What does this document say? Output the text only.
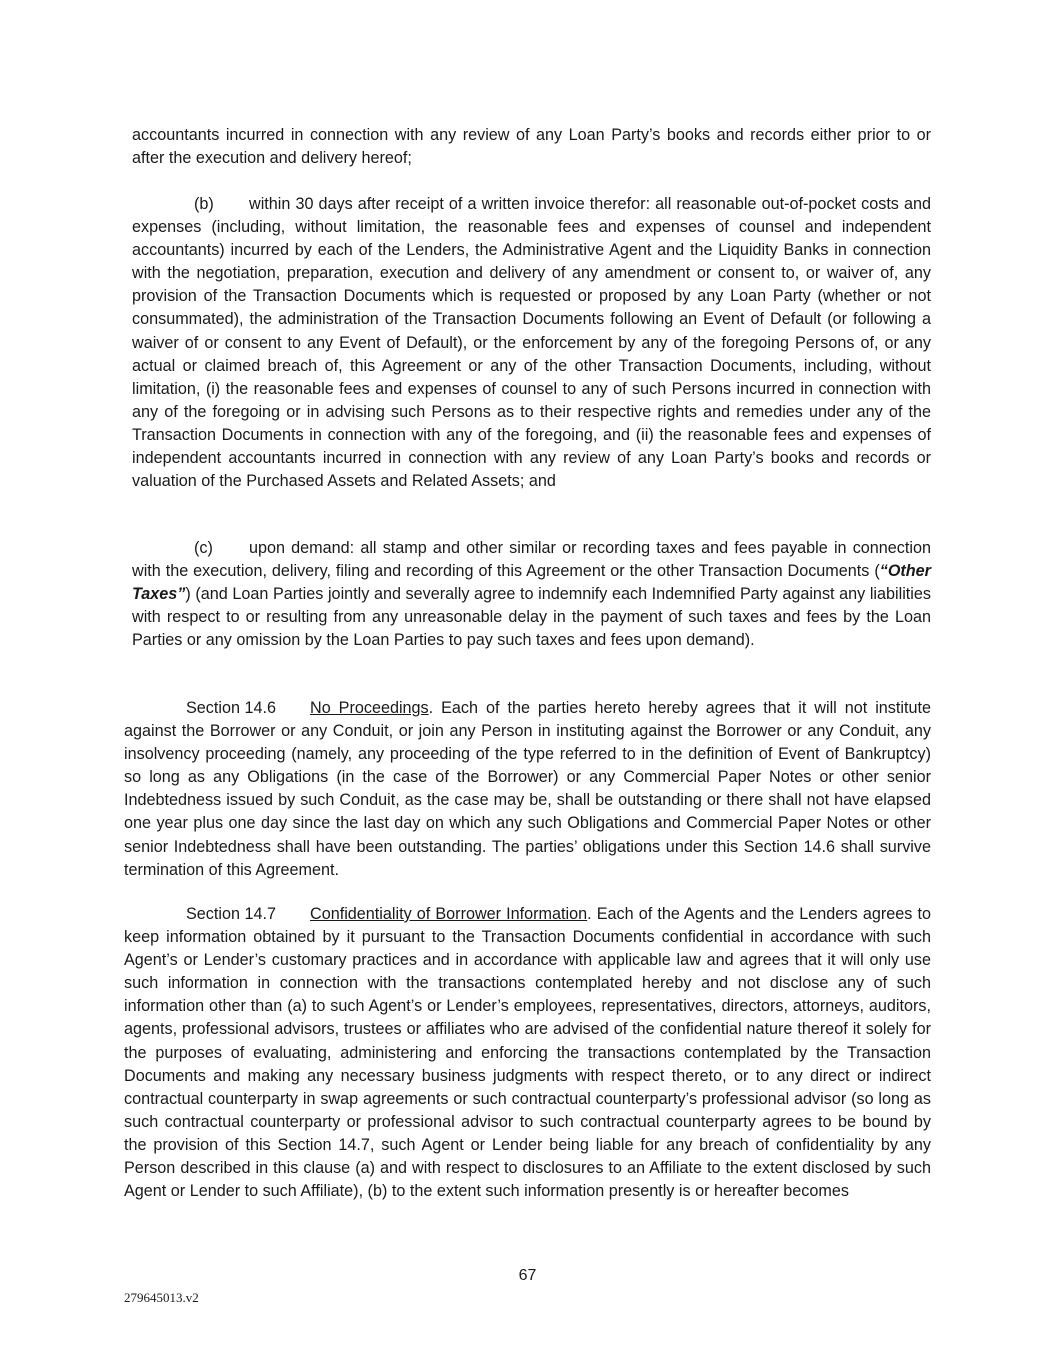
accountants incurred in connection with any review of any Loan Party’s books and records either prior to or after the execution and delivery hereof;

(b) within 30 days after receipt of a written invoice therefor: all reasonable out-of-pocket costs and expenses (including, without limitation, the reasonable fees and expenses of counsel and independent accountants) incurred by each of the Lenders, the Administrative Agent and the Liquidity Banks in connection with the negotiation, preparation, execution and delivery of any amendment or consent to, or waiver of, any provision of the Transaction Documents which is requested or proposed by any Loan Party (whether or not consummated), the administration of the Transaction Documents following an Event of Default (or following a waiver of or consent to any Event of Default), or the enforcement by any of the foregoing Persons of, or any actual or claimed breach of, this Agreement or any of the other Transaction Documents, including, without limitation, (i) the reasonable fees and expenses of counsel to any of such Persons incurred in connection with any of the foregoing or in advising such Persons as to their respective rights and remedies under any of the Transaction Documents in connection with any of the foregoing, and (ii) the reasonable fees and expenses of independent accountants incurred in connection with any review of any Loan Party’s books and records or valuation of the Purchased Assets and Related Assets; and

(c) upon demand: all stamp and other similar or recording taxes and fees payable in connection with the execution, delivery, filing and recording of this Agreement or the other Transaction Documents (“Other Taxes”) (and Loan Parties jointly and severally agree to indemnify each Indemnified Party against any liabilities with respect to or resulting from any unreasonable delay in the payment of such taxes and fees by the Loan Parties or any omission by the Loan Parties to pay such taxes and fees upon demand).

Section 14.6 No Proceedings. Each of the parties hereto hereby agrees that it will not institute against the Borrower or any Conduit, or join any Person in instituting against the Borrower or any Conduit, any insolvency proceeding (namely, any proceeding of the type referred to in the definition of Event of Bankruptcy) so long as any Obligations (in the case of the Borrower) or any Commercial Paper Notes or other senior Indebtedness issued by such Conduit, as the case may be, shall be outstanding or there shall not have elapsed one year plus one day since the last day on which any such Obligations and Commercial Paper Notes or other senior Indebtedness shall have been outstanding. The parties’ obligations under this Section 14.6 shall survive termination of this Agreement.

Section 14.7 Confidentiality of Borrower Information. Each of the Agents and the Lenders agrees to keep information obtained by it pursuant to the Transaction Documents confidential in accordance with such Agent’s or Lender’s customary practices and in accordance with applicable law and agrees that it will only use such information in connection with the transactions contemplated hereby and not disclose any of such information other than (a) to such Agent’s or Lender’s employees, representatives, directors, attorneys, auditors, agents, professional advisors, trustees or affiliates who are advised of the confidential nature thereof it solely for the purposes of evaluating, administering and enforcing the transactions contemplated by the Transaction Documents and making any necessary business judgments with respect thereto, or to any direct or indirect contractual counterparty in swap agreements or such contractual counterparty’s professional advisor (so long as such contractual counterparty or professional advisor to such contractual counterparty agrees to be bound by the provision of this Section 14.7, such Agent or Lender being liable for any breach of confidentiality by any Person described in this clause (a) and with respect to disclosures to an Affiliate to the extent disclosed by such Agent or Lender to such Affiliate), (b) to the extent such information presently is or hereafter becomes

67
279645013.v2
